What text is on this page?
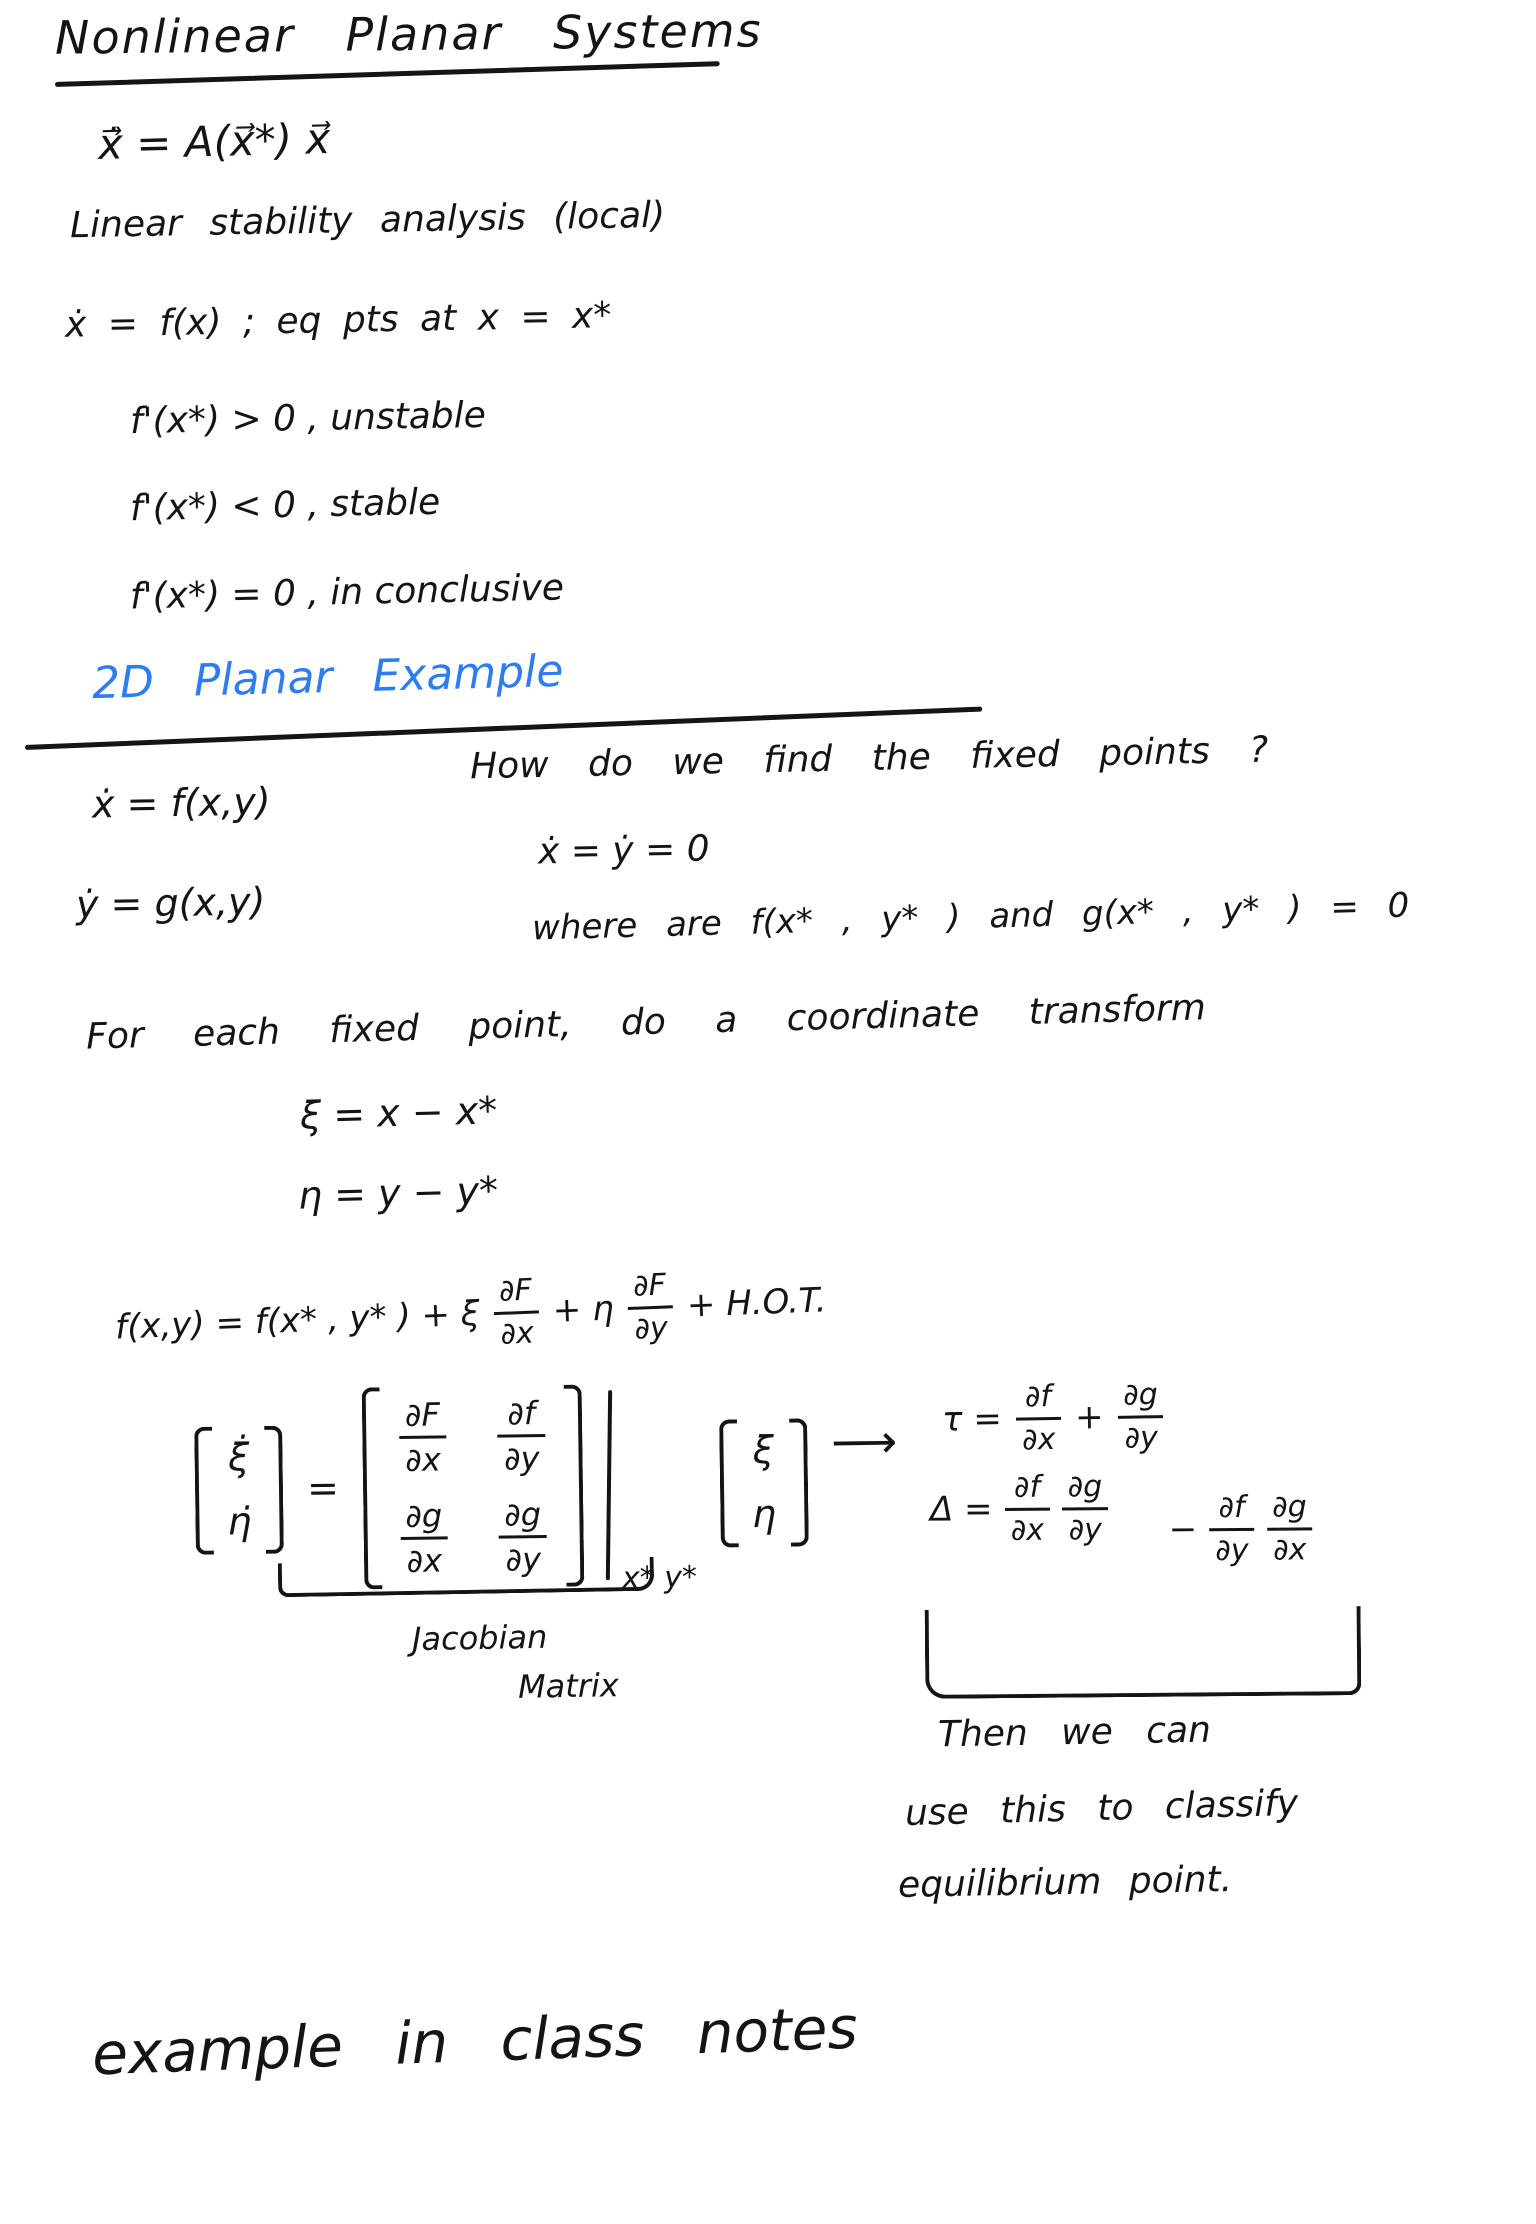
Nonlinear Planar Systems
ẋ⃗ = A(x⃗*) x⃗
Linear stability analysis (local)
ẋ = f(x) ; eq pts at x = x*
f'(x*) > 0 , unstable
f'(x*) < 0 , stable
f'(x*) = 0 , in conclusive
2D Planar Example
How do we find the fixed points ?
ẋ = f(x,y)
ẋ = ẏ = 0
ẏ = g(x,y)	where are f(x* , y* ) and g(x* , y* ) = 0
For each fixed point, do a coordinate transform
ξ = x − x*
η = y − y*
f(x,y) = f(x* , y* ) + ξ $\frac{\partial F}{\partial x} + \eta \frac{\partial F}{\partial y} + H.O.T$.
ξ̇
η̇
=
$\frac{\partial F}{\partial x} \frac{\partial f}{\partial y}$
$\frac{\partial g}{\partial x} \frac{\partial g}{\partial y}$
x* y*
ξ
η
⟶ $\tau = \frac{\partial f}{\partial x} + \frac{\partial g}{\partial y}$
$\Delta = \frac{\partial f}{\partial x} \frac{\partial g}{\partial y} - \frac{\partial f}{\partial y} \frac{\partial g}{\partial x}$
Jacobian
Matrix
Then we can
use this to classify
equilibrium point.
example in class notes
